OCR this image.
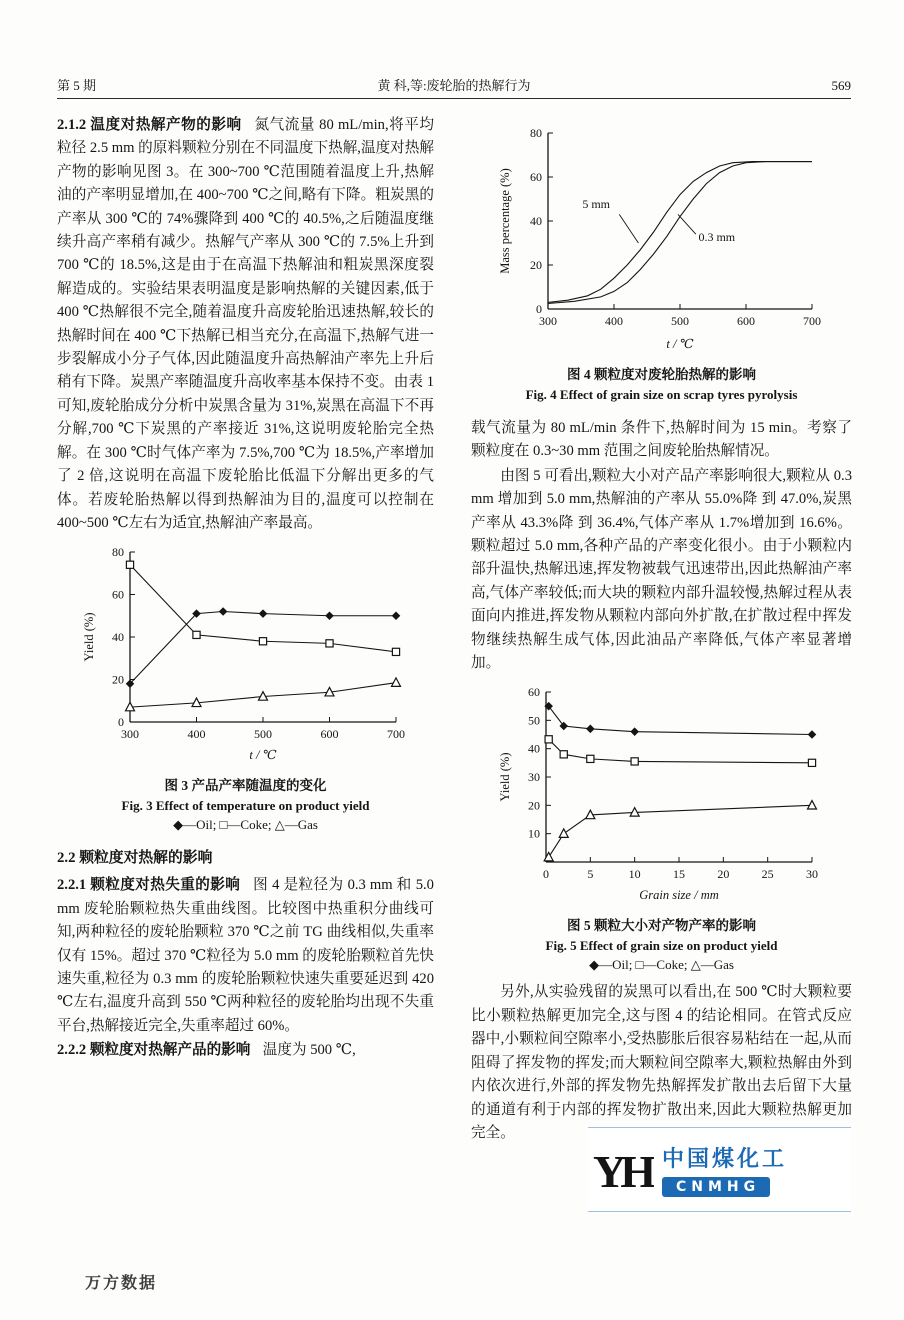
第 5 期	黄 科,等:废轮胎的热解行为	569

2.1.2 温度对热解产物的影响 氮气流量 80 mL/min,将平均粒径 2.5 mm 的原料颗粒分别在不同温度下热解,温度对热解产物的影响见图 3。在 300~700 ℃范围随着温度上升,热解油的产率明显增加,在 400~700 ℃之间,略有下降。粗炭黑的产率从 300 ℃的 74%骤降到 400 ℃的 40.5%,之后随温度继续升高产率稍有减少。热解气产率从 300 ℃的 7.5%上升到 700 ℃的 18.5%,这是由于在高温下热解油和粗炭黑深度裂解造成的。实验结果表明温度是影响热解的关键因素,低于 400 ℃热解很不完全,随着温度升高废轮胎迅速热解,较长的热解时间在 400 ℃下热解已相当充分,在高温下,热解气进一步裂解成小分子气体,因此随温度升高热解油产率先上升后稍有下降。炭黑产率随温度升高收率基本保持不变。由表 1 可知,废轮胎成分分析中炭黑含量为 31%,炭黑在高温下不再分解,700 ℃下炭黑的产率接近 31%,这说明废轮胎完全热解。在 300 ℃时气体产率为 7.5%,700 ℃为 18.5%,产率增加了 2 倍,这说明在高温下废轮胎比低温下分解出更多的气体。若废轮胎热解以得到热解油为目的,温度可以控制在 400~500 ℃左右为适宜,热解油产率最高。

0
20
40
60
80
300	400	500	600	700
Yield (%)
t / ℃
图 3 产品产率随温度的变化
Fig. 3 Effect of temperature on product yield
◆—Oil; □—Coke; △—Gas
2.2 颗粒度对热解的影响

2.2.1 颗粒度对热失重的影响 图 4 是粒径为 0.3 mm 和 5.0 mm 废轮胎颗粒热失重曲线图。比较图中热重积分曲线可知,两种粒径的废轮胎颗粒 370 ℃之前 TG 曲线相似,失重率仅有 15%。超过 370 ℃粒径为 5.0 mm 的废轮胎颗粒首先快速失重,粒径为 0.3 mm 的废轮胎颗粒快速失重要延迟到 420 ℃左右,温度升高到 550 ℃两种粒径的废轮胎均出现不失重平台,热解接近完全,失重率超过 60%。

2.2.2 颗粒度对热解产品的影响 温度为 500 ℃,

0
20
40
60
80
300	400	500	600	700
Mass percentage (%)
t / ℃
5 mm
0.3 mm
图 4 颗粒度对废轮胎热解的影响
Fig. 4 Effect of grain size on scrap tyres pyrolysis

载气流量为 80 mL/min 条件下,热解时间为 15 min。考察了颗粒度在 0.3~30 mm 范围之间废轮胎热解情况。

由图 5 可看出,颗粒大小对产品产率影响很大,颗粒从 0.3 mm 增加到 5.0 mm,热解油的产率从 55.0%降 到 47.0%,炭黑产率从 43.3%降 到 36.4%,气体产率从 1.7%增加到 16.6%。颗粒超过 5.0 mm,各种产品的产率变化很小。由于小颗粒内部升温快,热解迅速,挥发物被载气迅速带出,因此热解油产率高,气体产率较低;而大块的颗粒内部升温较慢,热解过程从表面向内推进,挥发物从颗粒内部向外扩散,在扩散过程中挥发物继续热解生成气体,因此油品产率降低,气体产率显著增加。

10
20
30
40
50
60
0	5	10	15	20	25	30
Yield (%)
Grain size / mm
图 5 颗粒大小对产物产率的影响
Fig. 5 Effect of grain size on product yield
◆—Oil; □—Coke; △—Gas

另外,从实验残留的炭黑可以看出,在 500 ℃时大颗粒要比小颗粒热解更加完全,这与图 4 的结论相同。在管式反应器中,小颗粒间空隙率小,受热膨胀后很容易粘结在一起,从而阻碍了挥发物的挥发;而大颗粒间空隙率大,颗粒热解由外到内依次进行,外部的挥发物先热解挥发扩散出去后留下大量的通道有利于内部的挥发物扩散出来,因此大颗粒热解更加完全。

YH 中国煤化工
CNMHG
万方数据
